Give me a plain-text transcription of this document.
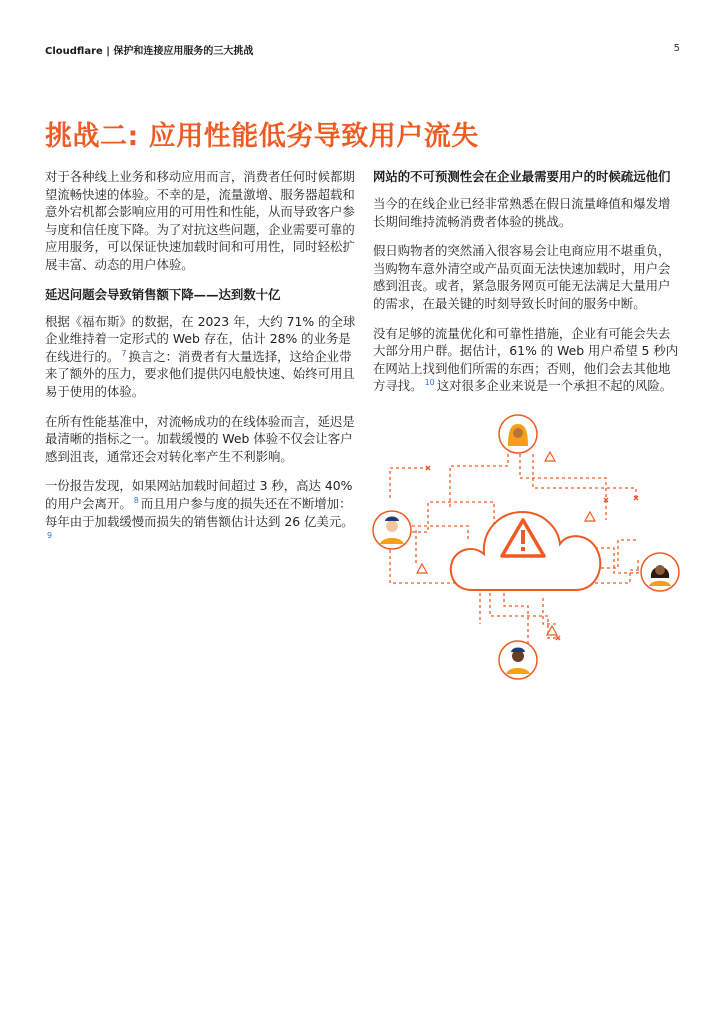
Cloudflare | 保护和连接应用服务的三大挑战	5
挑战二: 应用性能低劣导致用户流失

对于各种线上业务和移动应用而言，消费者任何时候都期望流畅快速的体验。不幸的是，流量激增、服务器超载和意外宕机都会影响应用的可用性和性能，从而导致客户参与度和信任度下降。为了对抗这些问题，企业需要可靠的应用服务，可以保证快速加载时间和可用性，同时轻松扩展丰富、动态的用户体验。

延迟问题会导致销售额下降——达到数十亿

根据《福布斯》的数据，在 2023 年，大约 71% 的全球企业维持着一定形式的 Web 存在，估计 28% 的业务是在线进行的。 $^7$ 换言之：消费者有大量选择，这给企业带来了额外的压力，要求他们提供闪电般快速、始终可用且易于使用的体验。

在所有性能基准中，对流畅成功的在线体验而言，延迟是最清晰的指标之一。加载缓慢的 Web 体验不仅会让客户感到沮丧，通常还会对转化率产生不利影响。

一份报告发现，如果网站加载时间超过 3 秒，高达 40% 的用户会离开。 $^8$ 而且用户参与度的损失还在不断增加：每年由于加载缓慢而损失的销售额估计达到 26 亿美元。$^9$

网站的不可预测性会在企业最需要用户的时候疏远他们

当今的在线企业已经非常熟悉在假日流量峰值和爆发增长期间维持流畅消费者体验的挑战。

假日购物者的突然涌入很容易会让电商应用不堪重负，当购物车意外清空或产品页面无法快速加载时，用户会感到沮丧。或者，紧急服务网页可能无法满足大量用户的需求，在最关键的时刻导致长时间的服务中断。

没有足够的流量优化和可靠性措施，企业有可能会失去大部分用户群。据估计，61% 的 Web 用户希望 5 秒内在网站上找到他们所需的东西；否则，他们会去其他地方寻找。 $^{10}$ 这对很多企业来说是一个承担不起的风险。
